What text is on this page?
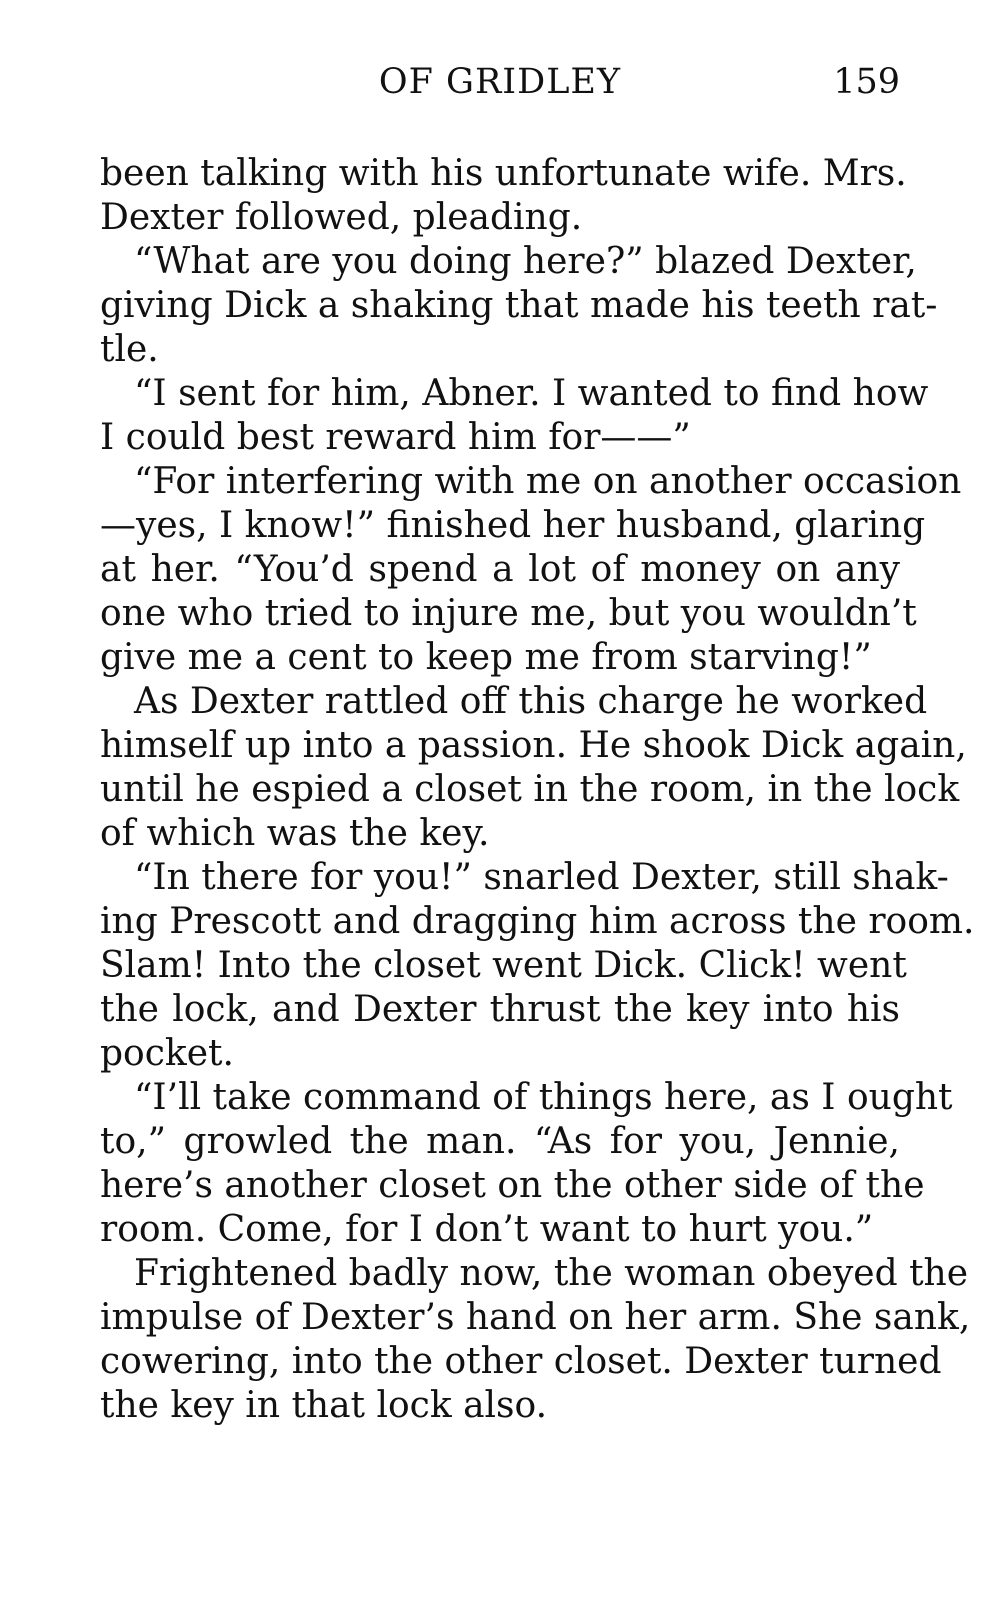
OF GRIDLEY	159
been talking with his unfortunate wife. Mrs.
Dexter followed, pleading.
“What are you doing here?” blazed Dexter,
giving Dick a shaking that made his teeth rat-
tle.
“I sent for him, Abner. I wanted to find how
I could best reward him for——”
“For interfering with me on another occasion
—yes, I know!” finished her husband, glaring
at her. “You’d spend a lot of money on any
one who tried to injure me, but you wouldn’t
give me a cent to keep me from starving!”
As Dexter rattled off this charge he worked
himself up into a passion. He shook Dick again,
until he espied a closet in the room, in the lock
of which was the key.
“In there for you!” snarled Dexter, still shak-
ing Prescott and dragging him across the room.
Slam! Into the closet went Dick. Click! went
the lock, and Dexter thrust the key into his
pocket.
“I’ll take command of things here, as I ought
to,” growled the man. “As for you, Jennie,
here’s another closet on the other side of the
room. Come, for I don’t want to hurt you.”
Frightened badly now, the woman obeyed the
impulse of Dexter’s hand on her arm. She sank,
cowering, into the other closet. Dexter turned
the key in that lock also.
